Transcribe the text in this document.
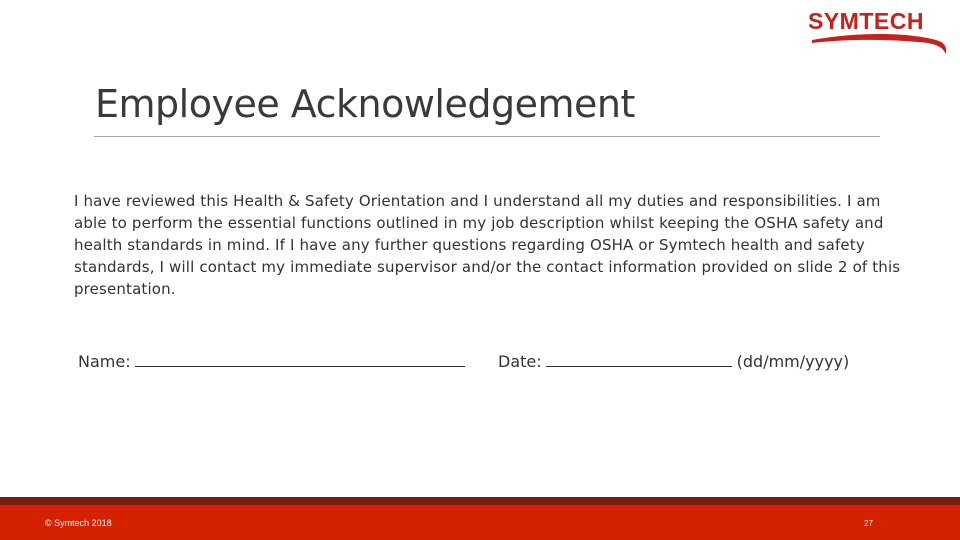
SYMTECH
Employee Acknowledgement

I have reviewed this Health & Safety Orientation and I understand all my duties and responsibilities. I am able to perform the essential functions outlined in my job description whilst keeping the OSHA safety and health standards in mind. If I have any further questions regarding OSHA or Symtech health and safety standards, I will contact my immediate supervisor and/or the contact information provided on slide 2 of this presentation.

Name:	Date:	(dd/mm/yyyy)
© Symtech 2018	27
